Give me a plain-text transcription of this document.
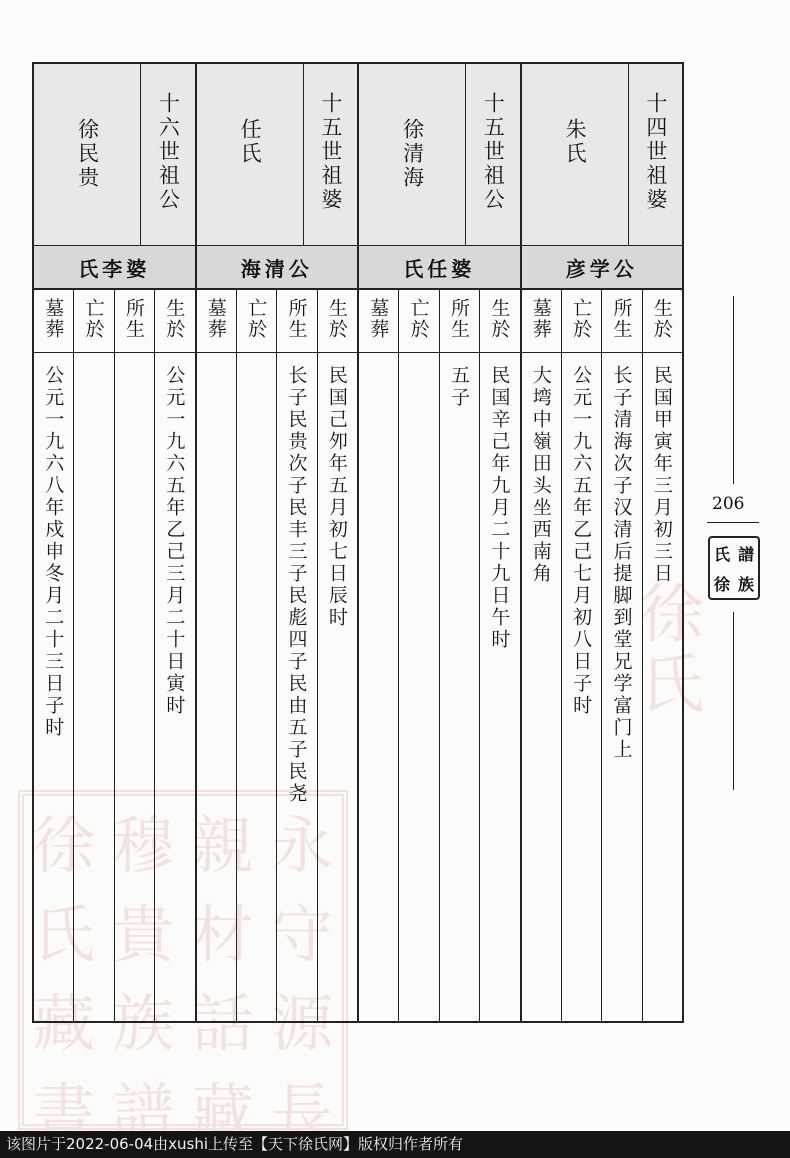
徐 穆 親 永
氏 貴 材 守
藏 族 話 源
書 譜 藏 長
徐氏
十四世祖婆
朱氏
彦学公
生於
民国甲寅年三月初三日
所生
长子清海次子汉清后提脚到堂兄学富门上
亡於
公元一九六五年乙己七月初八日子时
墓葬
大塆中嶺田头坐西南角
十五世祖公
徐清海
氏任婆
生於
民国辛己年九月二十九日午时
所生
五子
亡於
墓葬
十五世祖婆
任氏
海清公
生於
民国己夘年五月初七日辰时
所生
长子民贵次子民丰三子民彪四子民由五子民尧
亡於
墓葬
十六世祖公
徐民贵
氏李婆
生於
公元一九六五年乙己三月二十日寅时
所生
亡於
墓葬
公元一九六八年戍申冬月二十三日子时	206
氏 譜
徐 族
该图片于2022-06-04由xushi上传至【天下徐氏网】版权归作者所有
